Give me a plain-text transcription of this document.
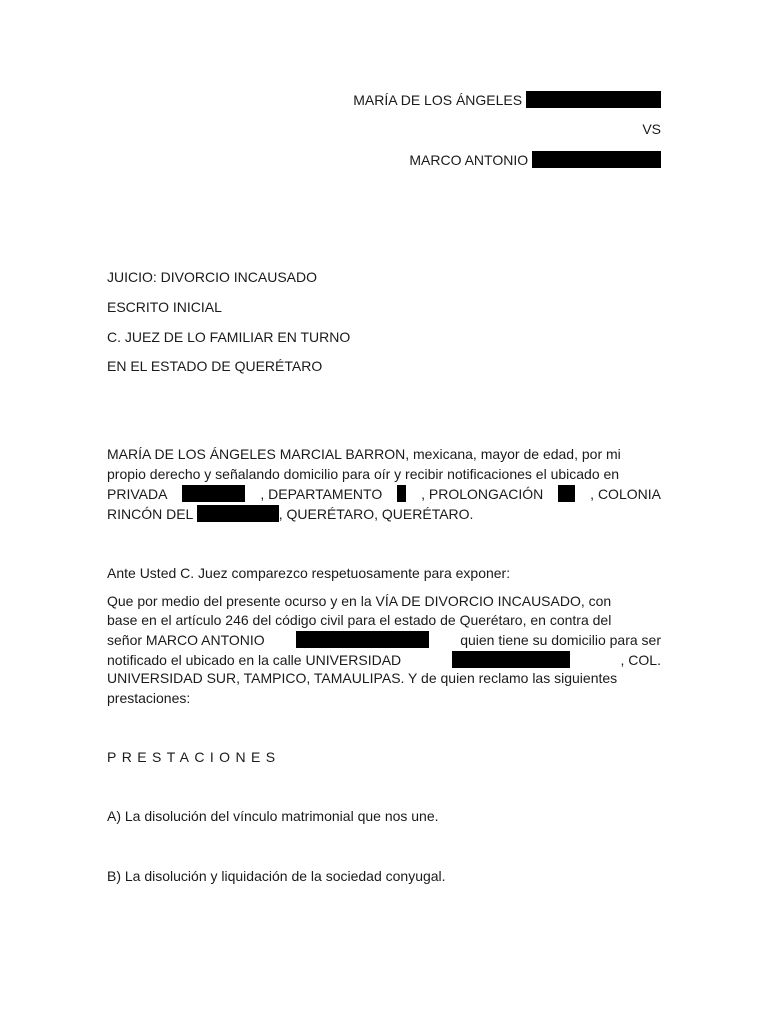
MARÍA DE LOS ÁNGELES
VS
MARCO ANTONIO
JUICIO: DIVORCIO INCAUSADO
ESCRITO INICIAL
C. JUEZ DE LO FAMILIAR EN TURNO
EN EL ESTADO DE QUERÉTARO
MARÍA DE LOS ÁNGELES MARCIAL BARRON, mexicana, mayor de edad, por mi
propio derecho y señalando domicilio para oír y recibir notificaciones el ubicado en
PRIVADA	, DEPARTAMENTO	, PROLONGACIÓN	, COLONIA
RINCÓN DEL	, QUERÉTARO, QUERÉTARO.
Ante Usted C. Juez comparezco respetuosamente para exponer:
Que por medio del presente ocurso y en la VÍA DE DIVORCIO INCAUSADO, con
base en el artículo 246 del código civil para el estado de Querétaro, en contra del
señor MARCO ANTONIO	quien tiene su domicilio para ser
notificado el ubicado en la calle UNIVERSIDAD	, COL.
UNIVERSIDAD SUR, TAMPICO, TAMAULIPAS. Y de quien reclamo las siguientes
prestaciones:
PRESTACIONES
A) La disolución del vínculo matrimonial que nos une.
B) La disolución y liquidación de la sociedad conyugal.
